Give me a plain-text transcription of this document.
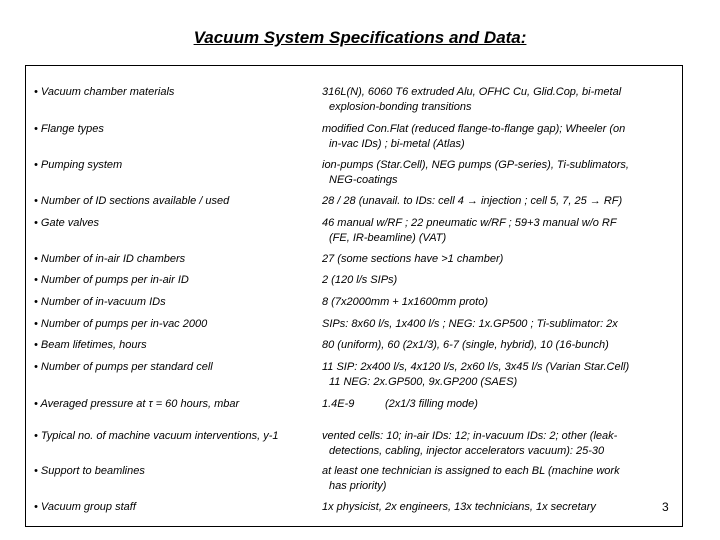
Vacuum System Specifications and Data:
• Vacuum chamber materials	316L(N), 6060 T6 extruded Alu, OFHC Cu, Glid.Cop, bi-metal
explosion-bonding transitions
• Flange types	modified Con.Flat (reduced flange-to-flange gap); Wheeler (on
in-vac IDs) ; bi-metal (Atlas)
• Pumping system	ion-pumps (Star.Cell), NEG pumps (GP-series), Ti-sublimators,
NEG-coatings
• Number of ID sections available / used	28 / 28 (unavail. to IDs: cell 4 → injection ; cell 5, 7, 25 → RF)
• Gate valves	46 manual w/RF ; 22 pneumatic w/RF ; 59+3 manual w/o RF
(FE, IR-beamline) (VAT)
• Number of in-air ID chambers	27 (some sections have >1 chamber)
• Number of pumps per in-air ID	2 (120 l/s SIPs)
• Number of in-vacuum IDs	8 (7x2000mm + 1x1600mm proto)
• Number of pumps per in-vac 2000	SIPs: 8x60 l/s, 1x400 l/s ; NEG: 1x.GP500 ; Ti-sublimator: 2x
• Beam lifetimes, hours	80 (uniform), 60 (2x1/3), 6-7 (single, hybrid), 10 (16-bunch)
• Number of pumps per standard cell	11 SIP: 2x400 l/s, 4x120 l/s, 2x60 l/s, 3x45 l/s (Varian Star.Cell)
11 NEG: 2x.GP500, 9x.GP200 (SAES)
• Averaged pressure at τ = 60 hours, mbar	1.4E-9          (2x1/3 filling mode)
• Typical no. of machine vacuum interventions, y-1	vented cells: 10; in-air IDs: 12; in-vacuum IDs: 2; other (leak-
detections, cabling, injector accelerators vacuum): 25-30
• Support to beamlines	at least one technician is assigned to each BL (machine work
has priority)
• Vacuum group staff	1x physicist, 2x engineers, 13x technicians, 1x secretary	3
